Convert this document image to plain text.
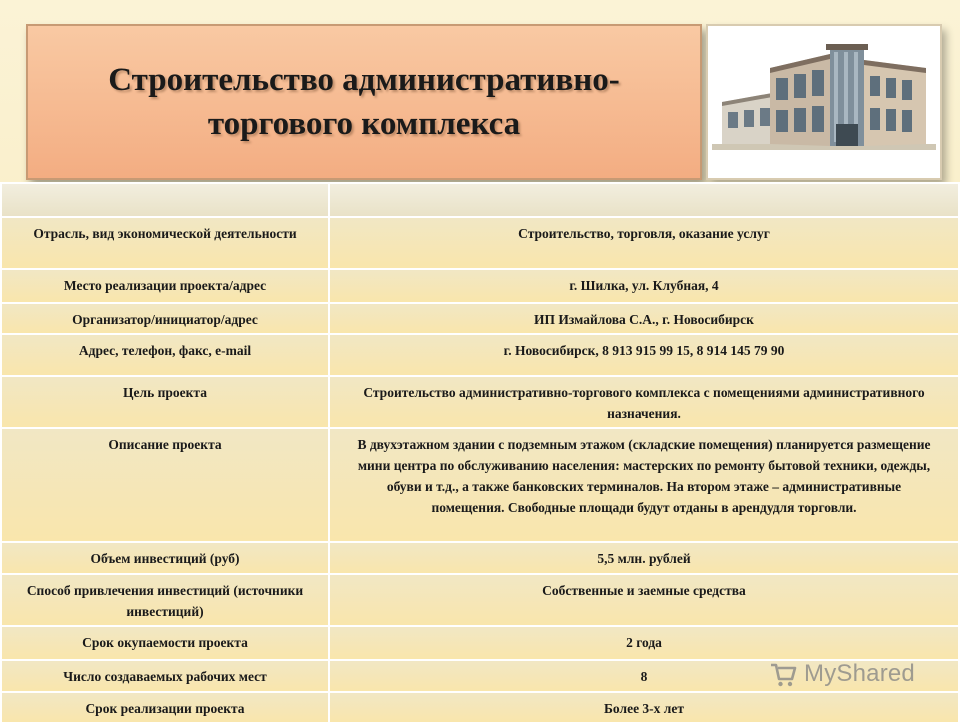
Строительство административно-
торгового комплекса

Отрасль, вид экономической деятельности	Строительство, торговля, оказание услуг
Место реализации проекта/адрес	г. Шилка, ул. Клубная, 4
Организатор/инициатор/адрес	ИП Измайлова С.А., г. Новосибирск
Адрес, телефон, факс, e-mail	г. Новосибирск, 8 913 915 99 15, 8 914 145 79 90
Цель проекта	Строительство административно-торгового комплекса с помещениями административного назначения.
Описание проекта	В двухэтажном здании с подземным этажом (складские помещения) планируется размещение мини центра по обслуживанию населения: мастерских по ремонту бытовой техники, одежды, обуви и т.д., а также банковских терминалов. На втором этаже – административные помещения. Свободные площади будут отданы в арендудля торговли.
Объем инвестиций (руб)	5,5 млн. рублей
Способ привлечения инвестиций (источники инвестиций)	Собственные и заемные средства
Срок окупаемости проекта	2 года
Число создаваемых рабочих мест	8
Срок реализации проекта	Более 3-х лет
MyShared
